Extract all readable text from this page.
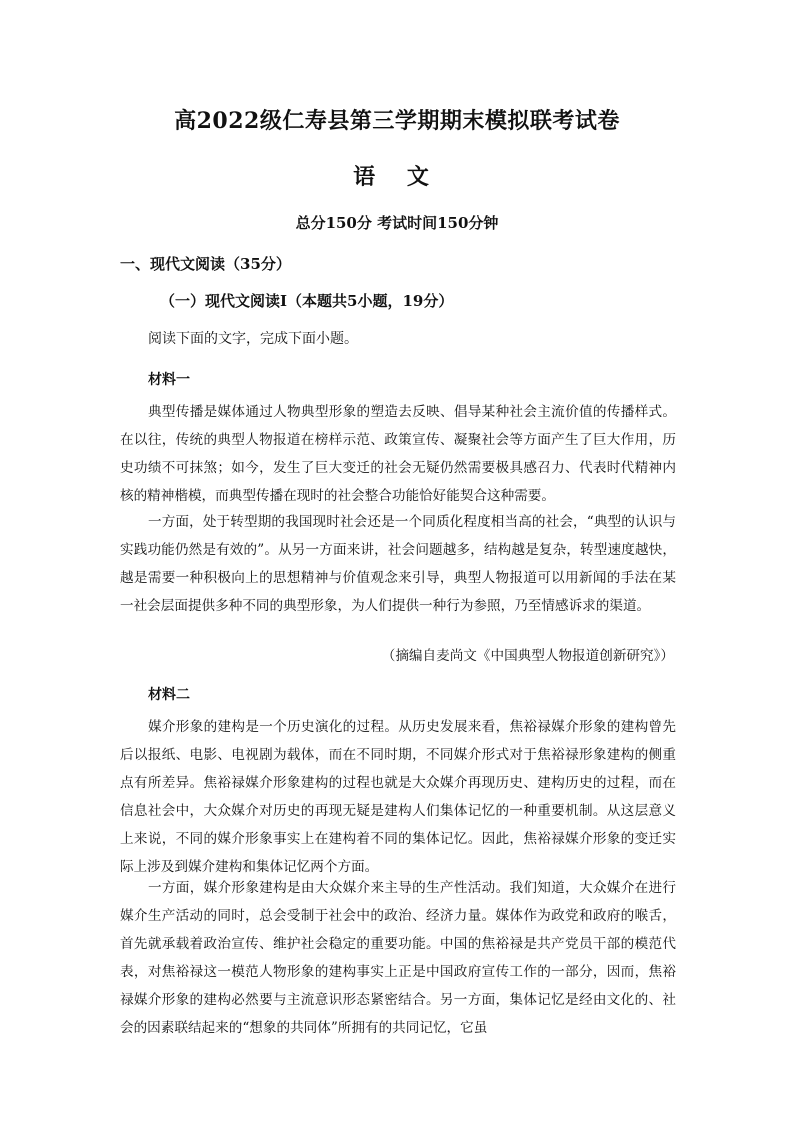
高2022级仁寿县第三学期期末模拟联考试卷
语 文
总分150分 考试时间150分钟
一、现代文阅读（35分）
（一）现代文阅读Ⅰ（本题共5小题，19分）
阅读下面的文字，完成下面小题。
材料一

典型传播是媒体通过人物典型形象的塑造去反映、倡导某种社会主流价值的传播样式。在以往，传统的典型人物报道在榜样示范、政策宣传、凝聚社会等方面产生了巨大作用，历史功绩不可抹煞；如今，发生了巨大变迁的社会无疑仍然需要极具感召力、代表时代精神内核的精神楷模，而典型传播在现时的社会整合功能恰好能契合这种需要。

一方面，处于转型期的我国现时社会还是一个同质化程度相当高的社会，“典型的认识与实践功能仍然是有效的”。从另一方面来讲，社会问题越多，结构越是复杂，转型速度越快，越是需要一种积极向上的思想精神与价值观念来引导，典型人物报道可以用新闻的手法在某一社会层面提供多种不同的典型形象，为人们提供一种行为参照，乃至情感诉求的渠道。

（摘编自麦尚文《中国典型人物报道创新研究》）
材料二

媒介形象的建构是一个历史演化的过程。从历史发展来看，焦裕禄媒介形象的建构曾先后以报纸、电影、电视剧为载体，而在不同时期，不同媒介形式对于焦裕禄形象建构的侧重点有所差异。焦裕禄媒介形象建构的过程也就是大众媒介再现历史、建构历史的过程，而在信息社会中，大众媒介对历史的再现无疑是建构人们集体记忆的一种重要机制。从这层意义上来说，不同的媒介形象事实上在建构着不同的集体记忆。因此，焦裕禄媒介形象的变迁实际上涉及到媒介建构和集体记忆两个方面。

一方面，媒介形象建构是由大众媒介来主导的生产性活动。我们知道，大众媒介在进行媒介生产活动的同时，总会受制于社会中的政治、经济力量。媒体作为政党和政府的喉舌，首先就承载着政治宣传、维护社会稳定的重要功能。中国的焦裕禄是共产党员干部的模范代表，对焦裕禄这一模范人物形象的建构事实上正是中国政府宣传工作的一部分，因而，焦裕禄媒介形象的建构必然要与主流意识形态紧密结合。另一方面，集体记忆是经由文化的、社会的因素联结起来的“想象的共同体”所拥有的共同记忆，它虽
